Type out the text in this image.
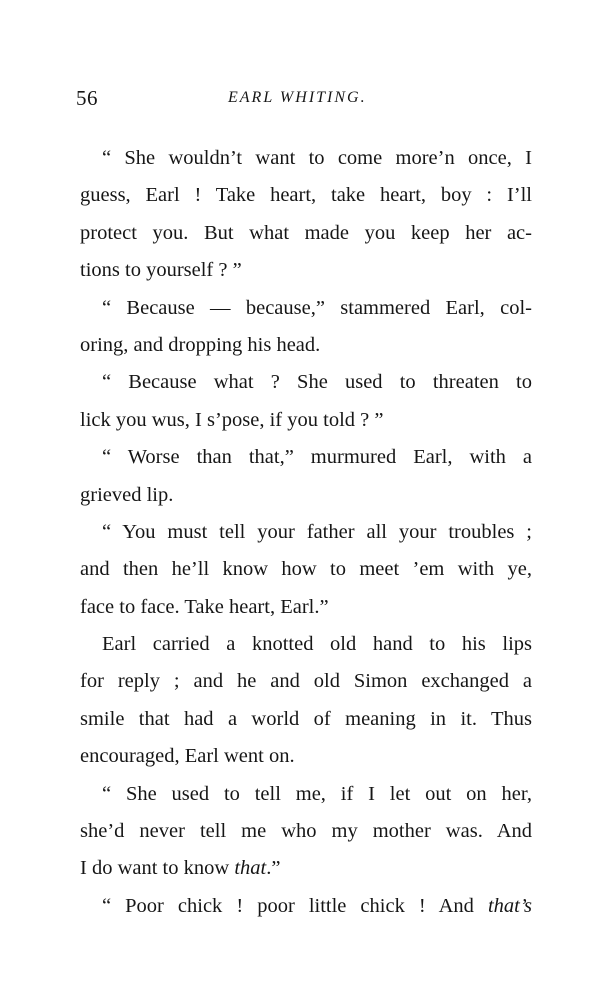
56	EARL WHITING.
“ She wouldn’t want to come more’n once, I
guess, Earl ! Take heart, take heart, boy : I’ll
protect you. But what made you keep her ac-
tions to yourself ? ”
“ Because — because,” stammered Earl, col-
oring, and dropping his head.
“ Because what ? She used to threaten to
lick you wus, I s’pose, if you told ? ”
“ Worse than that,” murmured Earl, with a
grieved lip.
“ You must tell your father all your troubles ;
and then he’ll know how to meet ’em with ye,
face to face. Take heart, Earl.”
Earl carried a knotted old hand to his lips
for reply ; and he and old Simon exchanged a
smile that had a world of meaning in it. Thus
encouraged, Earl went on.
“ She used to tell me, if I let out on her,
she’d never tell me who my mother was. And
I do want to know that.”
“ Poor chick ! poor little chick ! And that’s
